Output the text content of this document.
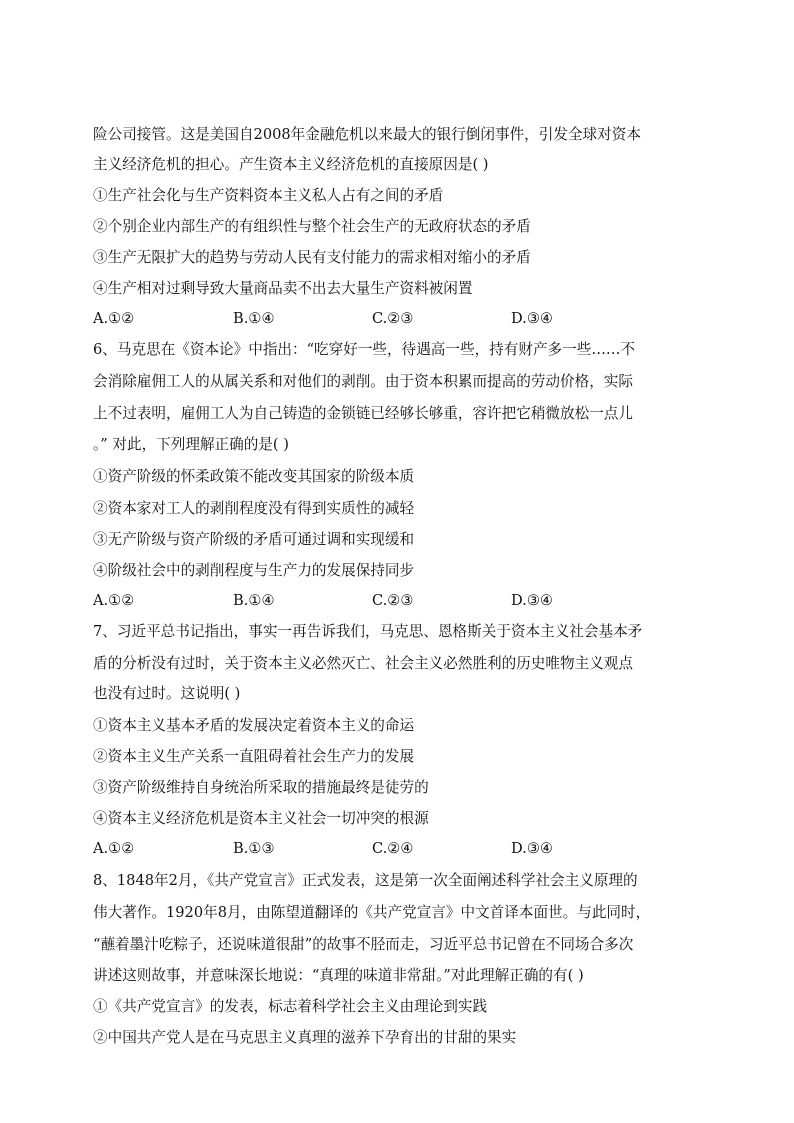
险公司接管。这是美国自2008年金融危机以来最大的银行倒闭事件，引发全球对资本
主义经济危机的担心。产生资本主义经济危机的直接原因是( )
①生产社会化与生产资料资本主义私人占有之间的矛盾
②个别企业内部生产的有组织性与整个社会生产的无政府状态的矛盾
③生产无限扩大的趋势与劳动人民有支付能力的需求相对缩小的矛盾
④生产相对过剩导致大量商品卖不出去大量生产资料被闲置
A.①②	B.①④	C.②③	D.③④
6、马克思在《资本论》中指出：“吃穿好一些，待遇高一些，持有财产多一些……不
会消除雇佣工人的从属关系和对他们的剥削。由于资本积累而提高的劳动价格，实际
上不过表明，雇佣工人为自己铸造的金锁链已经够长够重，容许把它稍微放松一点儿
。” 对此，下列理解正确的是( )
①资产阶级的怀柔政策不能改变其国家的阶级本质
②资本家对工人的剥削程度没有得到实质性的减轻
③无产阶级与资产阶级的矛盾可通过调和实现缓和
④阶级社会中的剥削程度与生产力的发展保持同步
A.①②	B.①④	C.②③	D.③④
7、习近平总书记指出，事实一再告诉我们，马克思、恩格斯关于资本主义社会基本矛
盾的分析没有过时，关于资本主义必然灭亡、社会主义必然胜利的历史唯物主义观点
也没有过时。这说明( )
①资本主义基本矛盾的发展决定着资本主义的命运
②资本主义生产关系一直阻碍着社会生产力的发展
③资产阶级维持自身统治所采取的措施最终是徒劳的
④资本主义经济危机是资本主义社会一切冲突的根源
A.①②	B.①③	C.②④	D.③④
8、1848年2月，《共产党宣言》正式发表，这是第一次全面阐述科学社会主义原理的
伟大著作。1920年8月，由陈望道翻译的《共产党宣言》中文首译本面世。与此同时，
“蘸着墨汁吃粽子，还说味道很甜”的故事不胫而走，习近平总书记曾在不同场合多次
讲述这则故事，并意味深长地说：“真理的味道非常甜。”对此理解正确的有( )
①《共产党宣言》的发表，标志着科学社会主义由理论到实践
②中国共产党人是在马克思主义真理的滋养下孕育出的甘甜的果实
